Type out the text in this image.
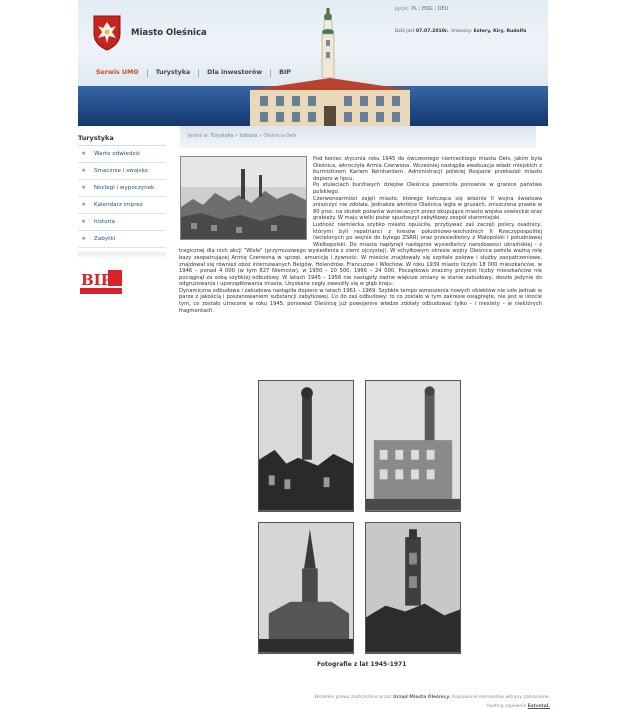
Język: PL | ENG | DEU
Dziś jest 07.07.2010r.. Imieniny: Estery, Kiry, Rudolfa
Miasto Oleśnica
Serwis UMO	Turystyka	Dla inwestorów	BIP
Turystyka
■ Warto odwiedzić
■ Smacznie i swojsko
■ Noclegi i wypoczynek
■ Kalendarz imprez
■ historia
■ Zabytki
BIP
Jesteś w: Turystyka » historia » Oleśnica-Oels

Pod koniec stycznia roku 1945 do ówczesnego niemieckiego miasta Oels, jakim była Oleśnica, wkroczyła Armia Czerwona. Wcześniej nastąpiła ewakuacja władz miejskich z burmistrzem Karlem Reinhardem. Administracji polskiej Rosjanie przekazali miasto dopiero w lipcu.

Po stuleciach burzliwych dziejów Oleśnica powróciła ponownie w granice państwa polskiego.

Czerwonoarmiści zajęli miasto, którego kończąca się właśnie II wojna światowa zniszczyć nie zdołała. Jednakże wkrótce Oleśnica legła w gruzach, zniszczona prawie w 80 proc. na skutek pożarów wzniecanych przez okupujące miasto wojska sowieckie oraz grabieży. W maju wielki pożar spustoszył zabytkowy zespół staromiejski.

Ludność niemiecka szybko miasto opuściła, przybywać zaś zaczęli polscy osadnicy, którymi byli repatrianci z kresów południowo-wschodnich II Rzeczypospolitej (wcielonych po wojnie do byłego ZSRR) oraz przesiedleńcy z Małopolski i południowej Wielkopolski. Do miasta napłynęli następnie wysiedleńcy narodowości ukraińskiej - z tragicznej dla nich akcji "Wisła" (przymusowego wysiedlenia z ziemi ojczystej). W schyłkowym okresie wojny Oleśnica pełniła ważną rolę bazy zaopatrującej Armię Czerwoną w sprzęt, amunicję i żywność. W mieście znajdowały się szpitale polowe i służby zaopatrzeniowe, znajdował się również obóz internowanych Belgów, Holendrów, Francuzów i Włochów. W roku 1939 miasto liczyło 18 000 mieszkańców, w 1946 – ponad 4 000 (w tym 827 Niemców), w 1950 – 10 500, 1966 – 24 000. Początkowo znaczny przyrost liczby mieszkańców nie pociągnął za sobą szybkiej odbudowy. W latach 1945 – 1956 nie nastąpiły żadne większe zmiany w stanie zabudowy, doszło jedynie do odgruzowania i uporządkowania miasta. Uzyskane cegły zawoziły się w głąb kraju.

Dynamiczna odbudowa i zabudowa nastąpiła dopiero w latach 1961 – 1969. Szybkie tempo wznoszenia nowych obiektów nie szło jednak w parze z jakością i poszanowaniem substancji zabytkowej. Co do zaś odbudowy: to co zostało w tym zakresie osiągnięte, nie jest w istocie tym, co zostało utracone w roku 1945, ponieważ Oleśnicę już powojenne władze zdołały odbudować tylko – i niestety – w niektórych fragmentach.

Fotografie z lat 1945-1971
Wszelkie prawa zastrzeżone przez Urząd Miasta Oleśnicy. Kopiowanie elementów witryny zabronione.
Hosting zapewnia Extcetal.
